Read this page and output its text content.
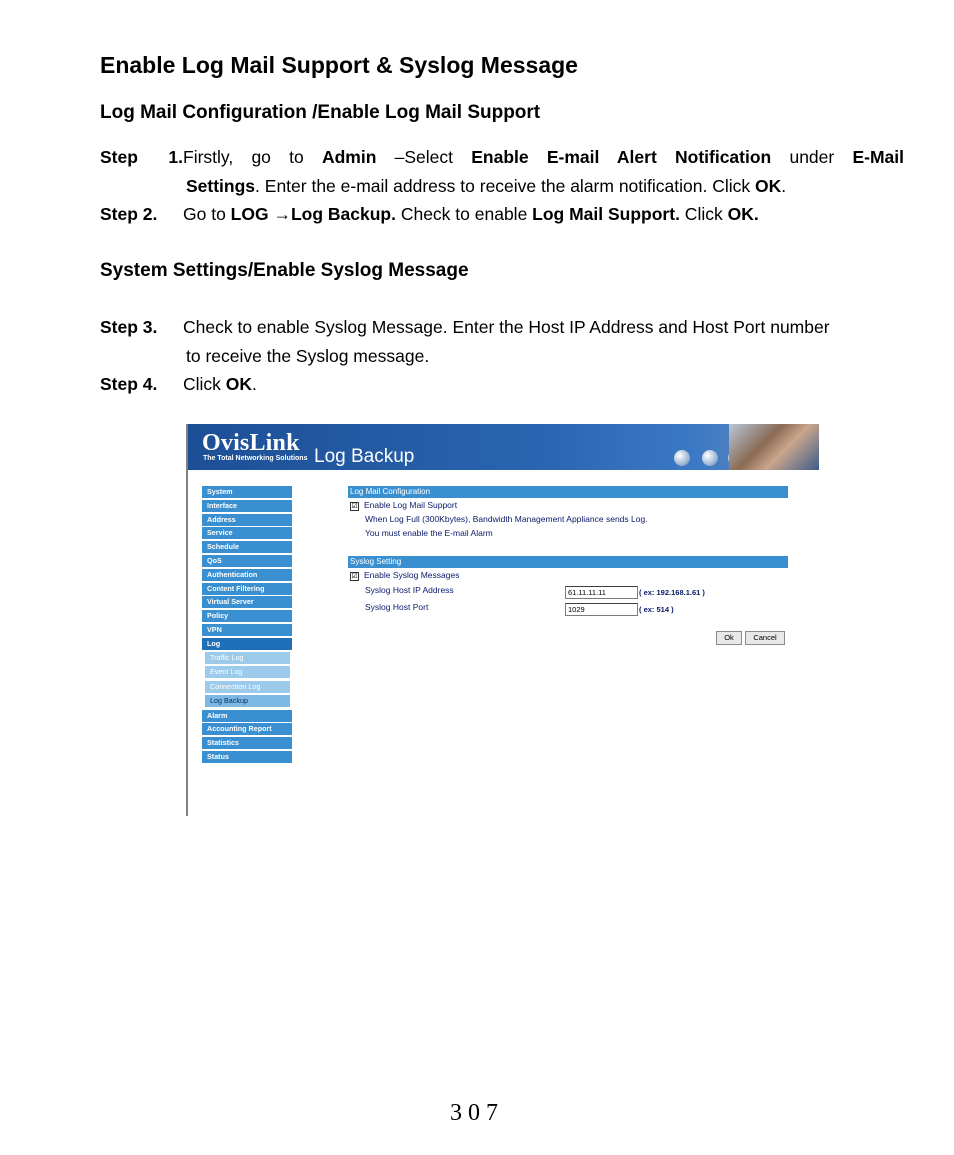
Enable Log Mail Support & Syslog Message
Log Mail Configuration /Enable Log Mail Support
Step 1.Firstly, go to Admin –Select Enable E-mail Alert Notification under E-Mail
Settings. Enter the e-mail address to receive the alarm notification. Click OK.
Step 2. Go to LOG →Log Backup. Check to enable Log Mail Support. Click OK.
System Settings/Enable Syslog Message
Step 3. Check to enable Syslog Message. Enter the Host IP Address and Host Port number
to receive the Syslog message.
Step 4. Click OK.
OvisLink
The Total Networking Solutions Log Backup
System
Interface
Address
Service
Schedule
QoS
Authentication
Content Filtering
Virtual Server
Policy
VPN
Log
Traffic Log
Event Log
Connection Log
Log Backup
Alarm
Accounting Report
Statistics
Status
Log Mail Configuration
☑ Enable Log Mail Support
When Log Full (300Kbytes), Bandwidth Management Appliance sends Log.
You must enable the E-mail Alarm
Syslog Setting
☑ Enable Syslog Messages
Syslog Host IP Address	61.11.11.11	( ex: 192.168.1.61 )
Syslog Host Port	1029	( ex: 514 )
Ok	Cancel
307
